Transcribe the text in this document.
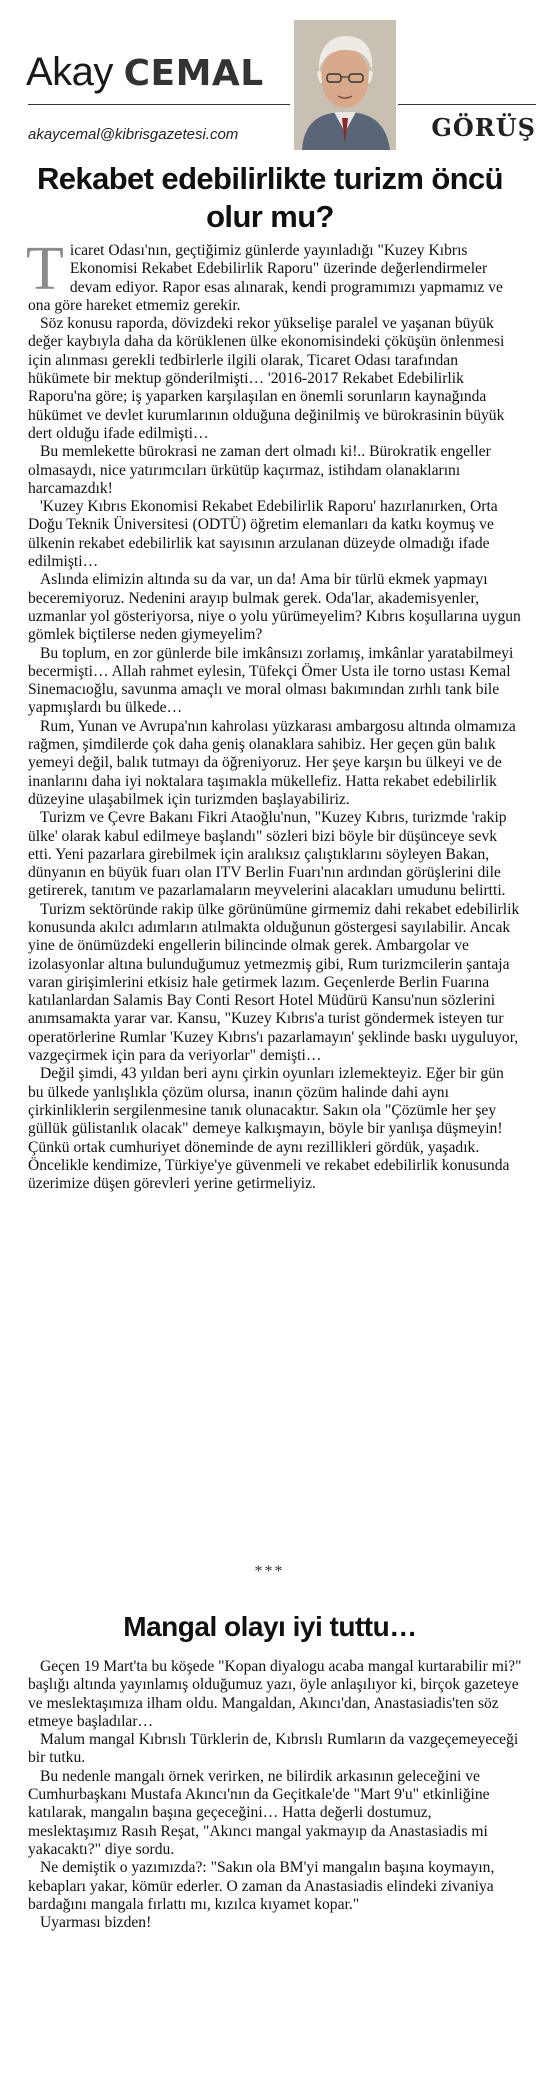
Akay CEMAL
akaycemal@kibrisgazetesi.com	GÖRÜŞ
Rekabet edebilirlikte turizm öncü olur mu?

Ticaret Odası'nın, geçtiğimiz günlerde yayınladığı "Kuzey Kıbrıs Ekonomisi Rekabet Edebilirlik Raporu" üzerinde değerlendirmeler devam ediyor. Rapor esas alınarak, kendi programımızı yapmamız ve ona göre hareket etmemiz gerekir.

Söz konusu raporda, dövizdeki rekor yükselişe paralel ve yaşanan büyük değer kaybıyla daha da körüklenen ülke ekonomisindeki çöküşün önlenmesi için alınması gerekli tedbirlerle ilgili olarak, Ticaret Odası tarafından hükümete bir mektup gönderilmişti… '2016-2017 Rekabet Edebilirlik Raporu'na göre; iş yaparken karşılaşılan en önemli sorunların kaynağında hükümet ve devlet kurumlarının olduğuna değinilmiş ve bürokrasinin büyük dert olduğu ifade edilmişti…

Bu memlekette bürokrasi ne zaman dert olmadı ki!.. Bürokratik engeller olmasaydı, nice yatırımcıları ürkütüp kaçırmaz, istihdam olanaklarını harcamazdık!

'Kuzey Kıbrıs Ekonomisi Rekabet Edebilirlik Raporu' hazırlanırken, Orta Doğu Teknik Üniversitesi (ODTÜ) öğretim elemanları da katkı koymuş ve ülkenin rekabet edebilirlik kat sayısının arzulanan düzeyde olmadığı ifade edilmişti…

Aslında elimizin altında su da var, un da! Ama bir türlü ekmek yapmayı beceremiyoruz. Nedenini arayıp bulmak gerek. Oda'lar, akademisyenler, uzmanlar yol gösteriyorsa, niye o yolu yürümeyelim? Kıbrıs koşullarına uygun gömlek biçtilerse neden giymeyelim?

Bu toplum, en zor günlerde bile imkânsızı zorlamış, imkânlar yaratabilmeyi becermişti… Allah rahmet eylesin, Tüfekçi Ömer Usta ile torno ustası Kemal Sinemacıoğlu, savunma amaçlı ve moral olması bakımından zırhlı tank bile yapmışlardı bu ülkede…

Rum, Yunan ve Avrupa'nın kahrolası yüzkarası ambargosu altında olmamıza rağmen, şimdilerde çok daha geniş olanaklara sahibiz. Her geçen gün balık yemeyi değil, balık tutmayı da öğreniyoruz. Her şeye karşın bu ülkeyi ve de inanlarını daha iyi noktalara taşımakla mükellefiz. Hatta rekabet edebilirlik düzeyine ulaşabilmek için turizmden başlayabiliriz.

Turizm ve Çevre Bakanı Fikri Ataoğlu'nun, "Kuzey Kıbrıs, turizmde 'rakip ülke' olarak kabul edilmeye başlandı" sözleri bizi böyle bir düşünceye sevk etti. Yeni pazarlara girebilmek için aralıksız çalıştıklarını söyleyen Bakan, dünyanın en büyük fuarı olan ITV Berlin Fuarı'nın ardından görüşlerini dile getirerek, tanıtım ve pazarlamaların meyvelerini alacakları umudunu belirtti.

Turizm sektöründe rakip ülke görünümüne girmemiz dahi rekabet edebilirlik konusunda akılcı adımların atılmakta olduğunun göstergesi sayılabilir. Ancak yine de önümüzdeki engellerin bilincinde olmak gerek. Ambargolar ve izolasyonlar altına bulunduğumuz yetmezmiş gibi, Rum turizmcilerin şantaja varan girişimlerini etkisiz hale getirmek lazım. Geçenlerde Berlin Fuarına katılanlardan Salamis Bay Conti Resort Hotel Müdürü Kansu'nun sözlerini anımsamakta yarar var. Kansu, "Kuzey Kıbrıs'a turist göndermek isteyen tur operatörlerine Rumlar 'Kuzey Kıbrıs'ı pazarlamayın' şeklinde baskı uyguluyor, vazgeçirmek için para da veriyorlar" demişti…

Değil şimdi, 43 yıldan beri aynı çirkin oyunları izlemekteyiz. Eğer bir gün bu ülkede yanlışlıkla çözüm olursa, inanın çözüm halinde dahi aynı çirkinliklerin sergilenmesine tanık olunacaktır. Sakın ola "Çözümle her şey güllük gülistanlık olacak" demeye kalkışmayın, böyle bir yanlışa düşmeyin! Çünkü ortak cumhuriyet döneminde de aynı rezillikleri gördük, yaşadık. Öncelikle kendimize, Türkiye'ye güvenmeli ve rekabet edebilirlik konusunda üzerimize düşen görevleri yerine getirmeliyiz.

***
Mangal olayı iyi tuttu…

Geçen 19 Mart'ta bu köşede "Kopan diyalogu acaba mangal kurtarabilir mi?" başlığı altında yayınlamış olduğumuz yazı, öyle anlaşılıyor ki, birçok gazeteye ve meslektaşımıza ilham oldu. Mangaldan, Akıncı'dan, Anastasiadis'ten söz etmeye başladılar…

Malum mangal Kıbrıslı Türklerin de, Kıbrıslı Rumların da vazgeçemeyeceği bir tutku.

Bu nedenle mangalı örnek verirken, ne bilirdik arkasının geleceğini ve Cumhurbaşkanı Mustafa Akıncı'nın da Geçitkale'de "Mart 9'u" etkinliğine katılarak, mangalın başına geçeceğini… Hatta değerli dostumuz, meslektaşımız Rasıh Reşat, "Akıncı mangal yakmayıp da Anastasiadis mi yakacaktı?" diye sordu.

Ne demiştik o yazımızda?: "Sakın ola BM'yi mangalın başına koymayın, kebapları yakar, kömür ederler. O zaman da Anastasiadis elindeki zivaniya bardağını mangala fırlattı mı, kızılca kıyamet kopar."

Uyarması bizden!
